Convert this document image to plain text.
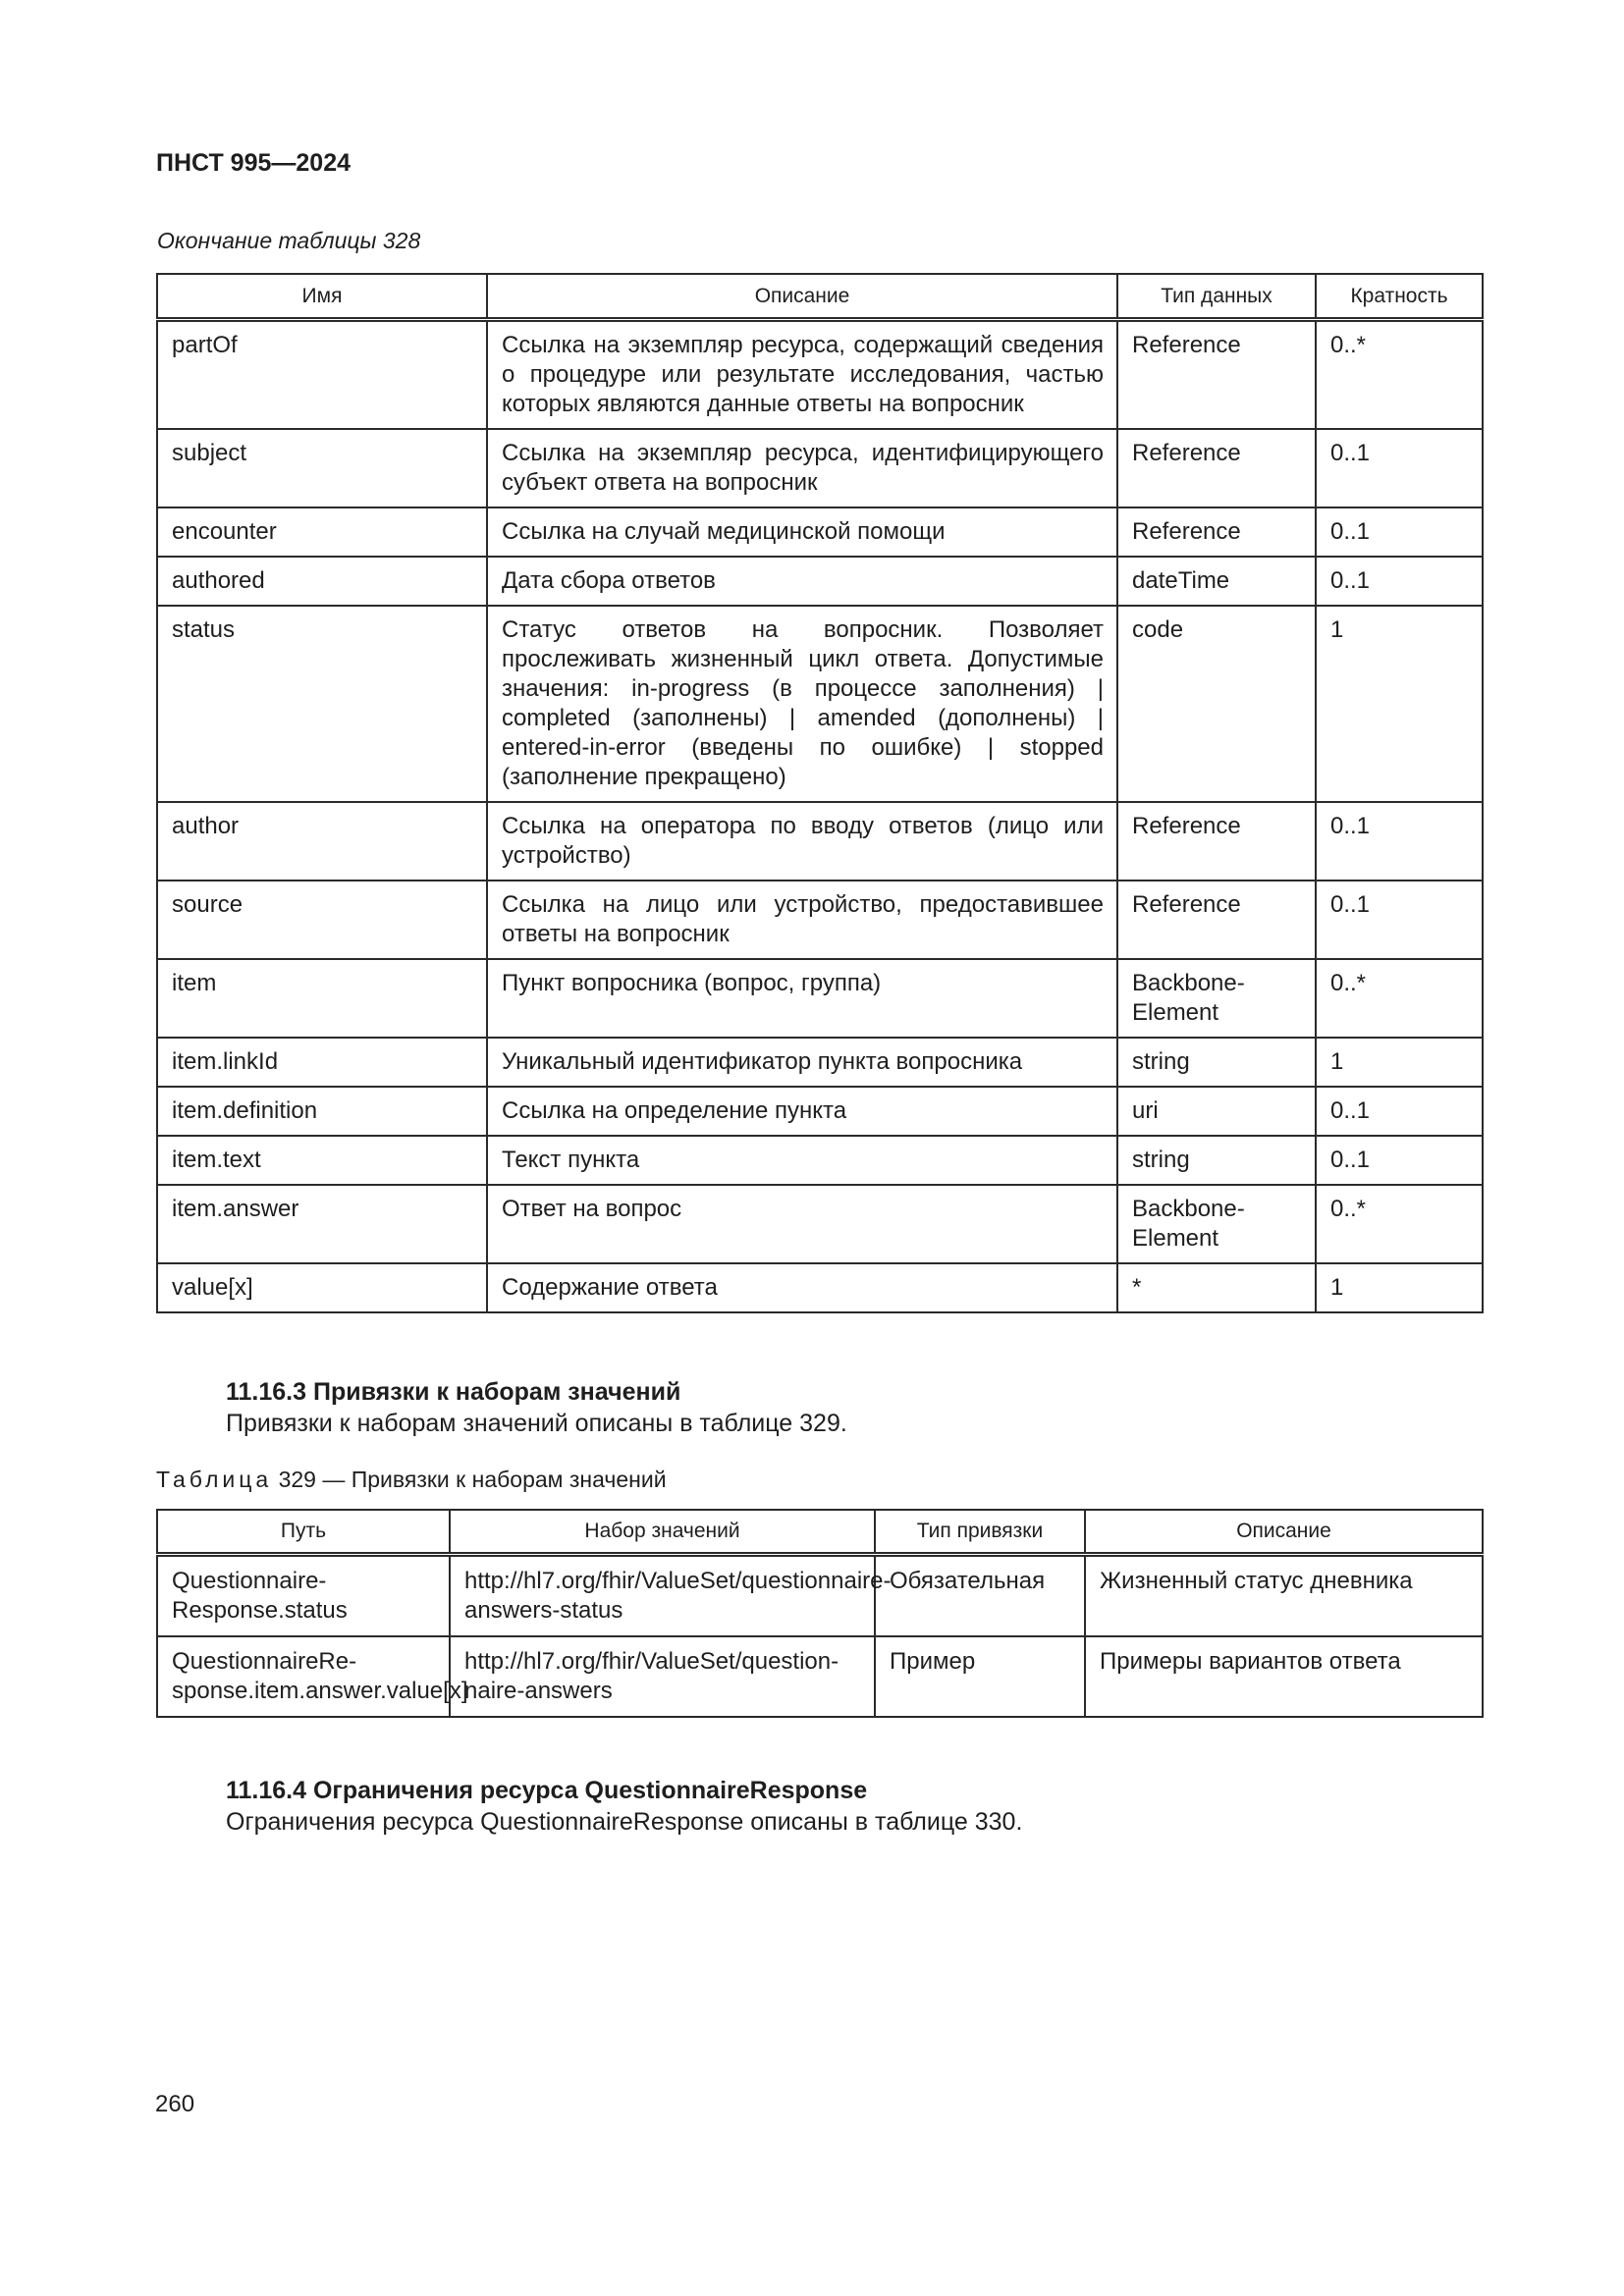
ПНСТ 995—2024
Окончание таблицы 328
Имя	Описание	Тип данных	Кратность
partOf	Ссылка на экземпляр ресурса, содержащий сведения о процедуре или результате исследования, частью которых являются данные ответы на вопросник	Reference	0..*
subject	Ссылка на экземпляр ресурса, идентифицирующего субъект ответа на вопросник	Reference	0..1
encounter	Ссылка на случай медицинской помощи	Reference	0..1
authored	Дата сбора ответов	dateTime	0..1
status	Статус ответов на вопросник. Позволяет прослеживать жизненный цикл ответа. Допустимые значения: in-progress (в процессе заполнения) | completed (заполнены) | amended (дополнены) | entered-in-error (введены по ошибке) | stopped (заполнение прекращено)	code	1
author	Ссылка на оператора по вводу ответов (лицо или устройство)	Reference	0..1
source	Ссылка на лицо или устройство, предоставившее ответы на вопросник	Reference	0..1
item	Пункт вопросника (вопрос, группа)	Backbone-Element	0..*
item.linkId	Уникальный идентификатор пункта вопросника	string	1
item.definition	Ссылка на определение пункта	uri	0..1
item.text	Текст пункта	string	0..1
item.answer	Ответ на вопрос	Backbone-Element	0..*
value[x]	Содержание ответа	*	1
11.16.3 Привязки к наборам значений
Привязки к наборам значений описаны в таблице 329.
Таблица 329 — Привязки к наборам значений
Путь	Набор значений	Тип привязки	Описание
Questionnaire-Response.status	http://hl7.org/fhir/ValueSet/questionnaire-answers-status	Обязательная	Жизненный статус дневника
QuestionnaireRe-sponse.item.answer.value[x]	http://hl7.org/fhir/ValueSet/question-naire-answers	Пример	Примеры вариантов ответа
11.16.4 Ограничения ресурса QuestionnaireResponse
Ограничения ресурса QuestionnaireResponse описаны в таблице 330.
260
